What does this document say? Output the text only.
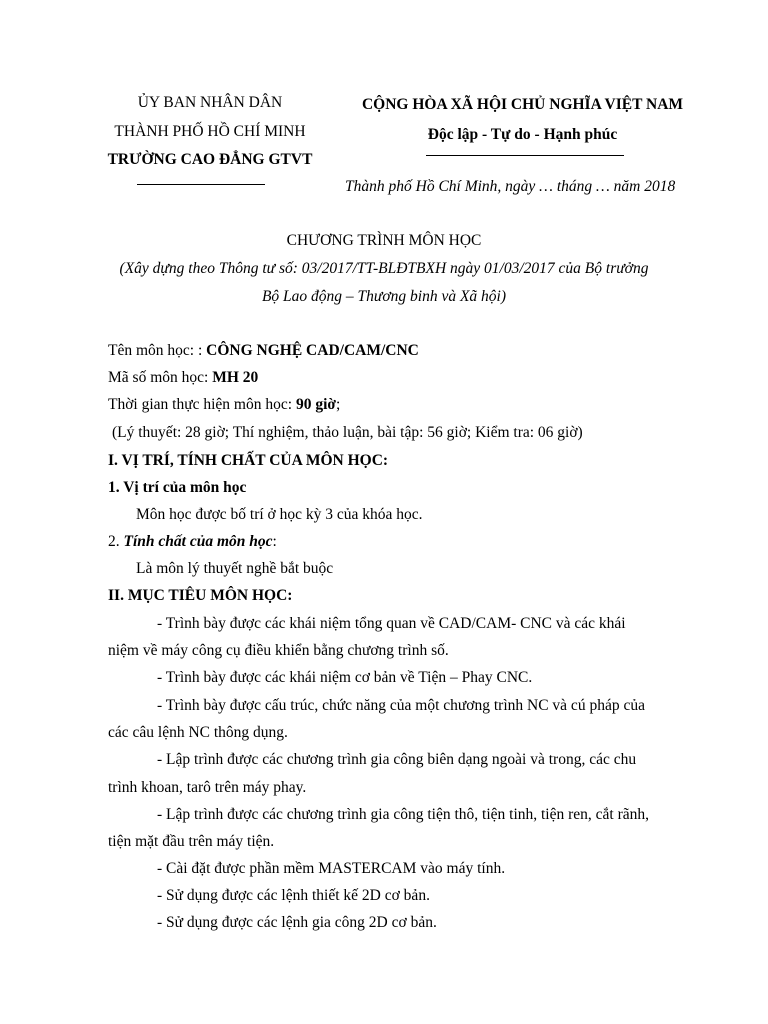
ỦY BAN NHÂN DÂN
THÀNH PHỐ HỒ CHÍ MINH
TRƯỜNG CAO ĐẲNG GTVT
CỘNG HÒA XÃ HỘI CHỦ NGHĨA VIỆT NAM
Độc lập - Tự do - Hạnh phúc
Thành phố Hồ Chí Minh, ngày … tháng … năm 2018
CHƯƠNG TRÌNH MÔN HỌC
(Xây dựng theo Thông tư số: 03/2017/TT-BLĐTBXH ngày 01/03/2017 của Bộ trưởng
Bộ Lao động – Thương binh và Xã hội)
Tên môn học: : CÔNG NGHỆ CAD/CAM/CNC
Mã số môn học: MH 20
Thời gian thực hiện môn học: 90 giờ;
(Lý thuyết: 28 giờ; Thí nghiệm, thảo luận, bài tập: 56 giờ; Kiểm tra: 06 giờ)
I. VỊ TRÍ, TÍNH CHẤT CỦA MÔN HỌC:
1. Vị trí của môn học
Môn học được bố trí ở học kỳ 3 của khóa học.
2. Tính chất của môn học:
Là môn lý thuyết nghề bắt buộc
II. MỤC TIÊU MÔN HỌC:
- Trình bày được các khái niệm tổng quan về CAD/CAM- CNC và các khái
niệm về máy công cụ điều khiển bằng chương trình số.
- Trình bày được các khái niệm cơ bản về Tiện – Phay CNC.
- Trình bày được cấu trúc, chức năng của một chương trình NC và cú pháp của
các câu lệnh NC thông dụng.
- Lập trình được các chương trình gia công biên dạng ngoài và trong, các chu
trình khoan, tarô trên máy phay.
- Lập trình được các chương trình gia công tiện thô, tiện tinh, tiện ren, cắt rãnh,
tiện mặt đầu trên máy tiện.
- Cài đặt được phần mềm MASTERCAM vào máy tính.
- Sử dụng được các lệnh thiết kế 2D cơ bản.
- Sử dụng được các lệnh gia công 2D cơ bản.
